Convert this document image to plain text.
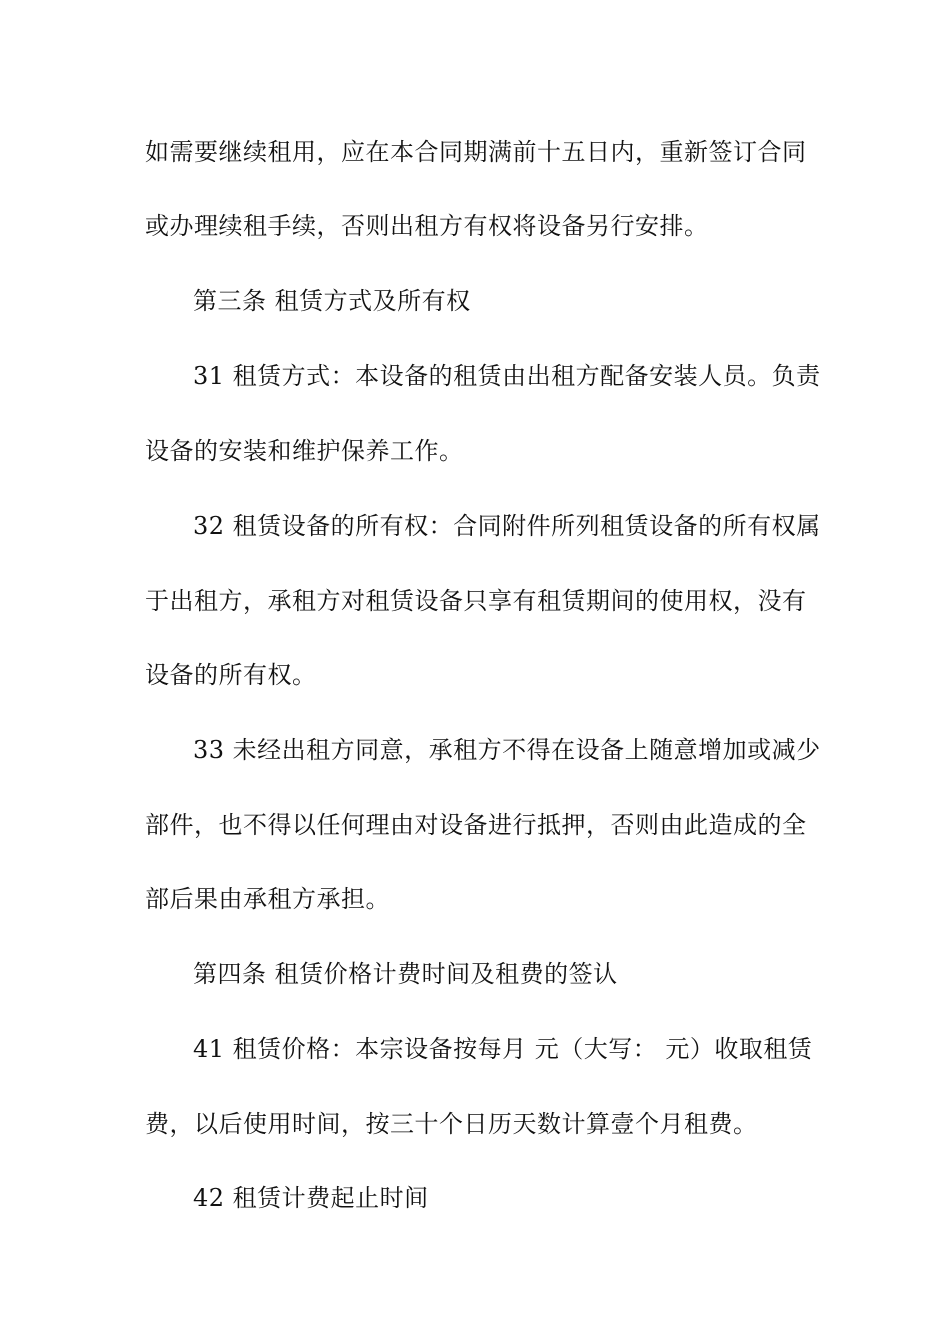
如需要继续租用，应在本合同期满前十五日内，重新签订合同
或办理续租手续，否则出租方有权将设备另行安排。
第三条 租赁方式及所有权
31 租赁方式：本设备的租赁由出租方配备安装人员。负责
设备的安装和维护保养工作。
32 租赁设备的所有权：合同附件所列租赁设备的所有权属
于出租方，承租方对租赁设备只享有租赁期间的使用权，没有
设备的所有权。
33 未经出租方同意，承租方不得在设备上随意增加或减少
部件，也不得以任何理由对设备进行抵押，否则由此造成的全
部后果由承租方承担。
第四条 租赁价格计费时间及租费的签认
41 租赁价格：本宗设备按每月 元（大写： 元）收取租赁
费，以后使用时间，按三十个日历天数计算壹个月租费。
42 租赁计费起止时间
